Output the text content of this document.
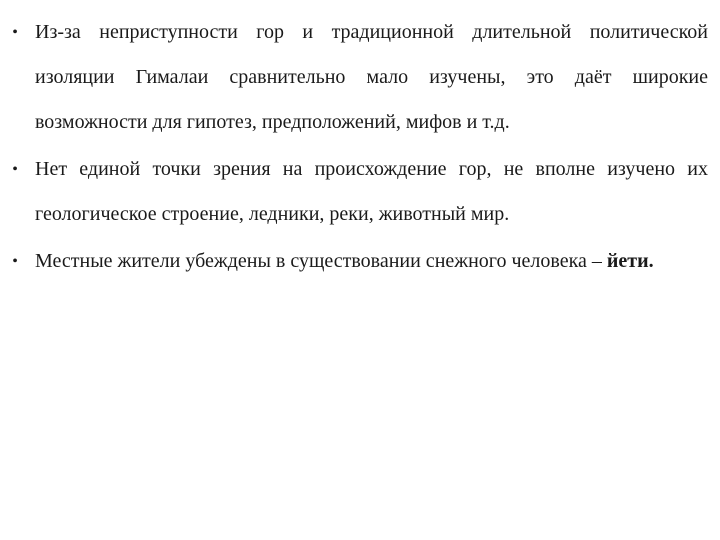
• Из-за неприступности гор и традиционной длительной политической изоляции Гималаи сравнительно мало изучены, это даёт широкие возможности для гипотез, предположений, мифов и т.д.
• Нет единой точки зрения на происхождение гор, не вполне изучено их геологическое строение, ледники, реки, животный мир.
• Местные жители убеждены в существовании снежного человека – йети.
